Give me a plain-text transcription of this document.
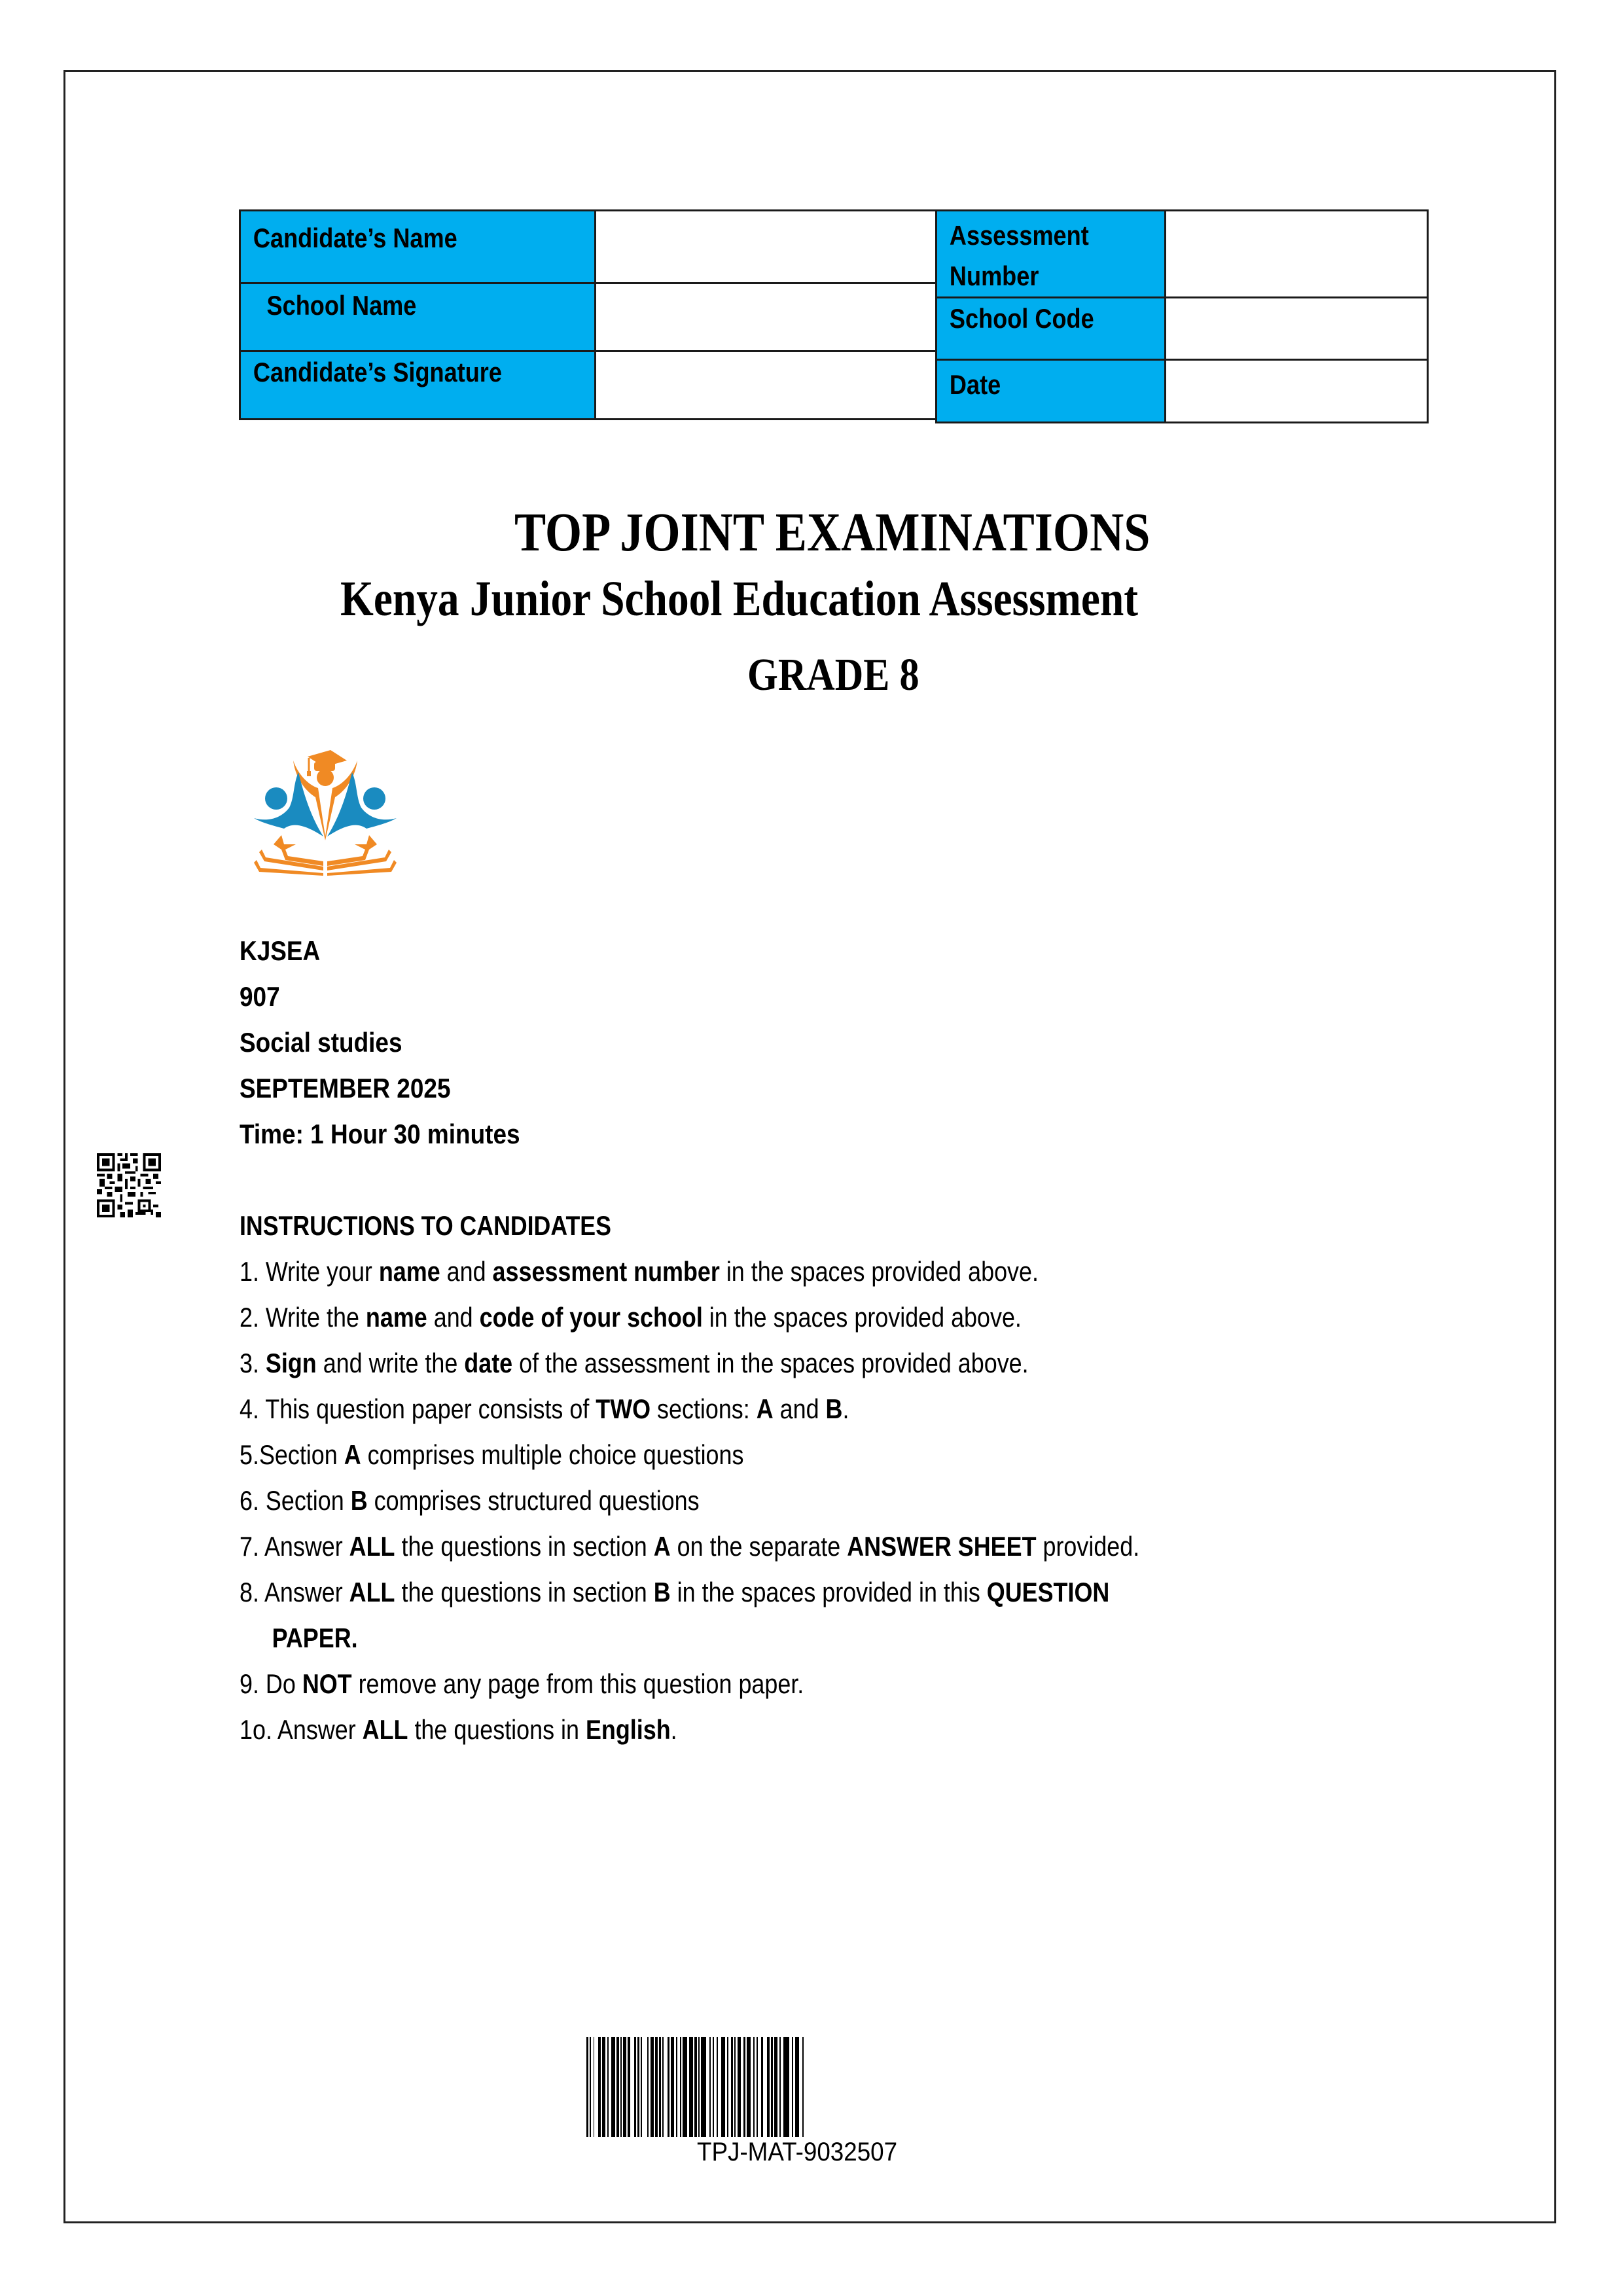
Candidate’s Name	

School Name	

Candidate’s Signature	

Assessment
Number	

School Code	

Date	

TOP JOINT EXAMINATIONS
Kenya Junior School Education Assessment
GRADE 8
KJSEA
907
Social studies
SEPTEMBER 2025
Time: 1 Hour 30 minutes
INSTRUCTIONS TO CANDIDATES
1. Write your name and assessment number in the spaces provided above.
2. Write the name and code of your school in the spaces provided above.
3. Sign and write the date of the assessment in the spaces provided above.
4. This question paper consists of TWO sections: A and B.
5.Section A comprises multiple choice questions
6. Section B comprises structured questions
7. Answer ALL the questions in section A on the separate ANSWER SHEET provided.
8. Answer ALL the questions in section B in the spaces provided in this QUESTION
PAPER.
9. Do NOT remove any page from this question paper.
1o. Answer ALL the questions in English.
TPJ-MAT-9032507
